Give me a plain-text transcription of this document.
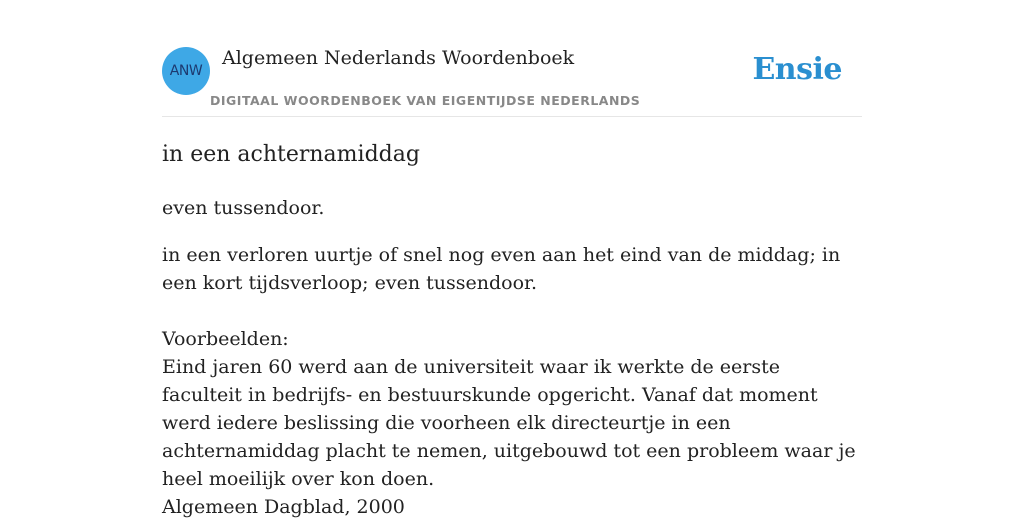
ANW
Algemeen Nederlands Woordenboek
DIGITAAL WOORDENBOEK VAN EIGENTIJDSE NEDERLANDS
Ensie
in een achternamiddag

even tussendoor.

in een verloren uurtje of snel nog even aan het eind van de middag; in een kort tijdsverloop; even tussendoor.

Voorbeelden:
Eind jaren 60 werd aan de universiteit waar ik werkte de eerste faculteit in bedrijfs- en bestuurskunde opgericht. Vanaf dat moment werd iedere beslissing die voorheen elk directeurtje in een achternamiddag placht te nemen, uitgebouwd tot een probleem waar je heel moeilijk over kon doen.
Algemeen Dagblad, 2000
